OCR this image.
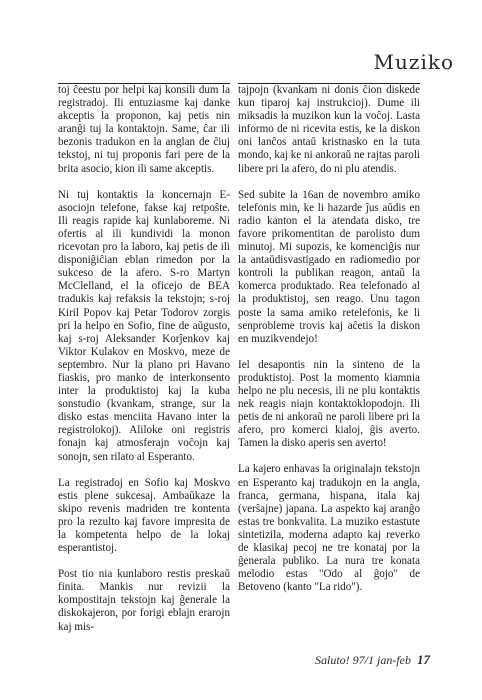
Muziko

toj ĉeestu por helpi kaj konsili dum la registradoj. Ili entuziasme kaj danke akceptis la proponon, kaj petis nin aranĝi tuj la kontaktojn. Same, ĉar ili bezonis tradukon en la anglan de ĉiuj tekstoj, ni tuj proponis fari pere de la brita asocio, kion ili same akceptis.

Ni tuj kontaktis la koncernajn E-asociojn telefone, fakse kaj retpoŝte. Ili reagis rapide kaj kunlaboreme. Ni ofertis al ili kundividi la monon ricevotan pro la laboro, kaj petis de ili disponiĝiĉian eblan rimedon por la sukceso de la afero. S-ro Martyn McClelland, el la oficejo de BEA tradukis kaj refaksis la tekstojn; s-roj Kiril Popov kaj Petar Todorov zorgis pri la helpo en Sofio, fine de aŭgusto, kaj s-roj Aleksander Korĵenkov kaj Viktor Kulakov en Moskvo, meze de septembro. Nur la plano pri Havano fiaskis, pro manko de interkonsento inter la produktistoj kaj la kuba sonstudio (kvankam, strange, sur la disko estas menciita Havano inter la registrolokoj). Aliloke oni registris fonajn kaj atmosferajn voĉojn kaj sonojn, sen rilato al Esperanto.

La registradoj en Sofio kaj Moskvo estis plene sukcesaj. Ambaŭkaze la skipo revenis madriden tre kontenta pro la rezulto kaj favore impresita de la kompetenta helpo de la lokaj esperantistoj.

Post tio nia kunlaboro restis preskaŭ finita. Mankis nur revizii la kompostitajn tekstojn kaj ĝenerale la diskokajeron, por forigi eblajn erarojn kaj mis-

tajpojn (kvankam ni donis ĉion diskede kun tiparoj kaj instrukcioj). Dume ili miksadis la muzikon kun la voĉoj. Lasta informo de ni ricevita estis, ke la diskon oni lanĉos antaŭ kristnasko en la tuta mondo, kaj ke ni ankoraŭ ne rajtas paroli libere pri la afero, do ni plu atendis.

Sed subite la 16an de novembro amiko telefonis min, ke li hazarde ĵus aŭdis en radio kanton el la atendata disko, tre favore prikomentitan de parolisto dum minutoj. Mi supozis, ke komenciĝis nur la antaŭdisvastigado en radiomedio por kontroli la publikan reagon, antaŭ la komerca produktado. Rea telefonado al la produktistoj, sen reago. Unu tagon poste la sama amiko retelefonis, ke li senprobleme trovis kaj aĉetis la diskon en muzikvendejo!

Iel desapontis nin la sinteno de la produktistoj. Post la momento kiamnia helpo ne plu necesis, ili ne plu kontaktis nek reagis niajn kontaktoklopodojn. Ili petis de ni ankoraŭ ne paroli libere pri la afero, pro komerci kialoj, ĝis averto. Tamen la disko aperis sen averto!

La kajero enhavas la originalajn tekstojn en Esperanto kaj tradukojn en la angla, franca, germana, hispana, itala kaj (verŝajne) japana. La aspekto kaj aranĝo estas tre bonkvalita. La muziko estastute sintetizila, moderna adapto kaj reverko de klasikaj pecoj ne tre konataj por la ĝenerala publiko. La nura tre konata melodio estas "Odo al ĝojo" de Betoveno (kanto "La rido").

Saluto! 97/1 jan-feb 17
